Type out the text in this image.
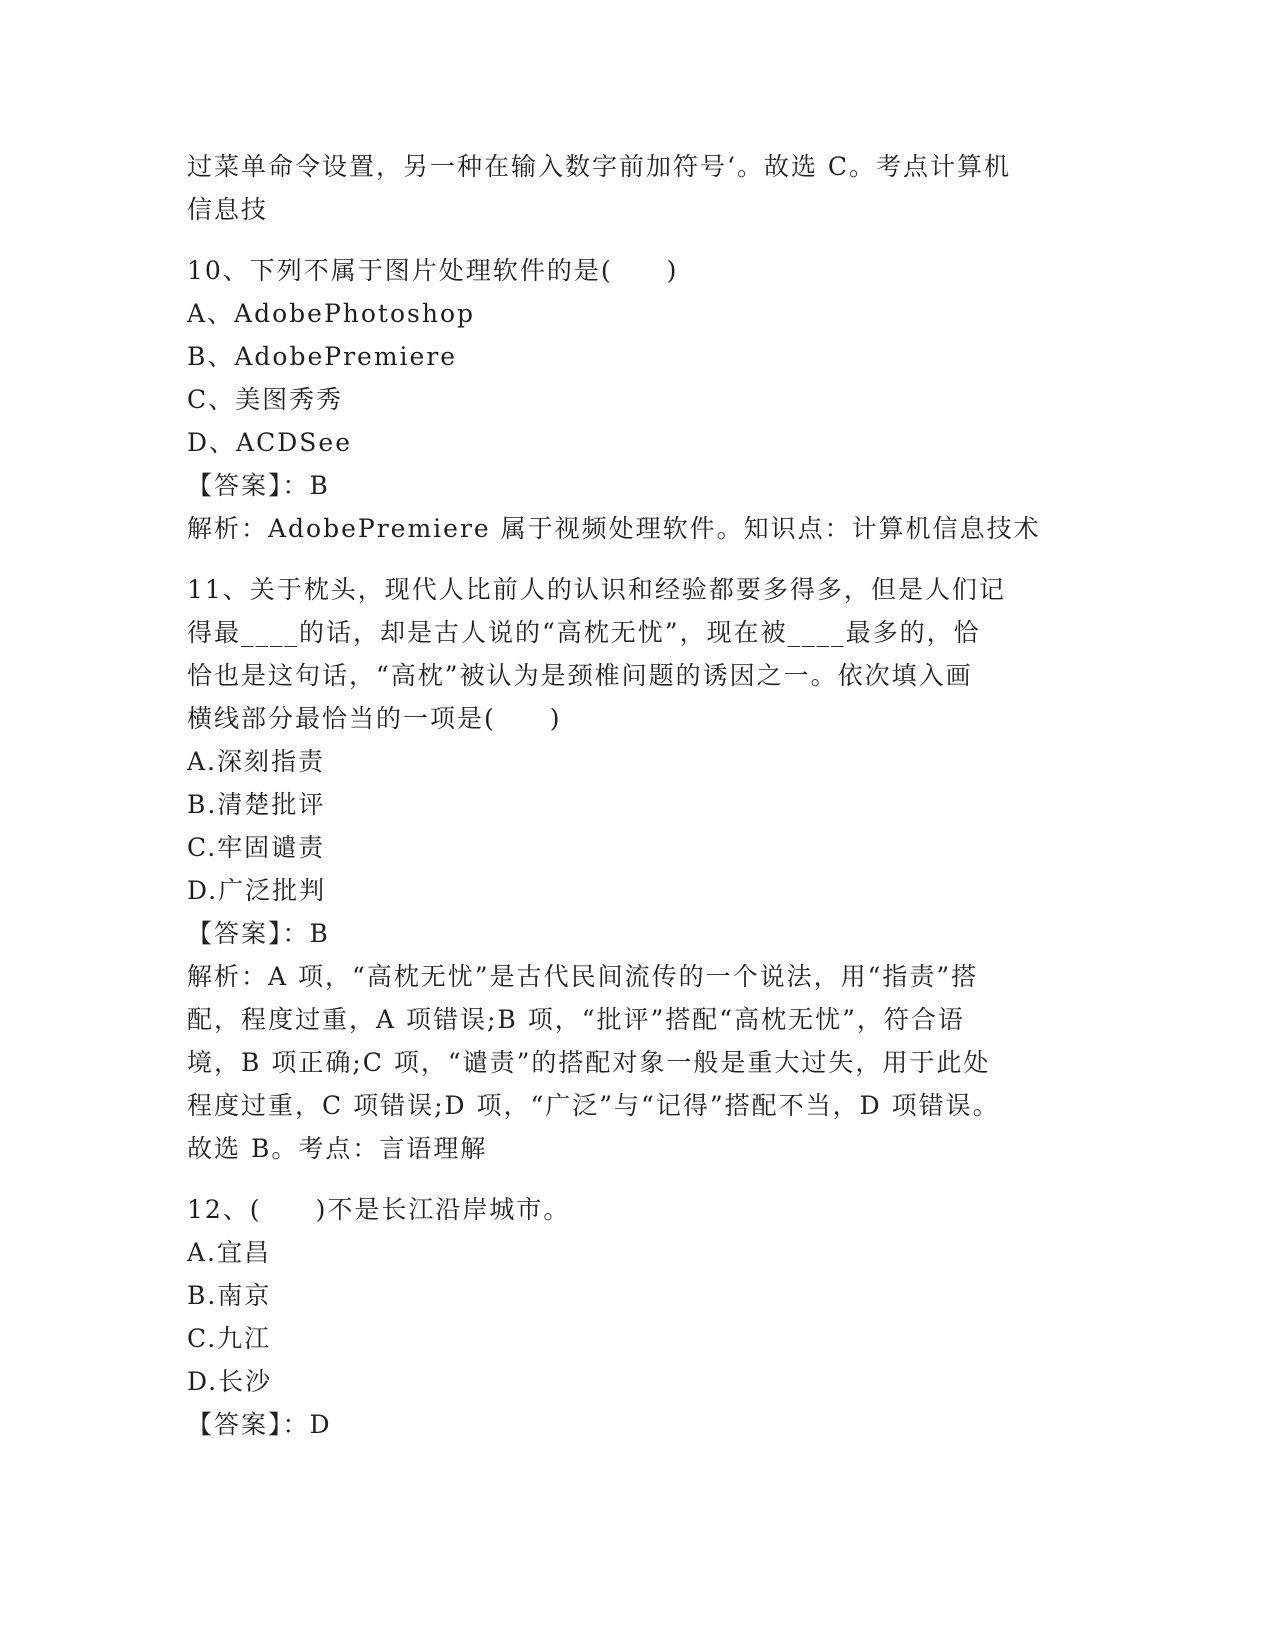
过菜单命令设置，另一种在输入数字前加符号‘。故选 C。考点计算机
信息技
10、下列不属于图片处理软件的是(　　)
A、AdobePhotoshop
B、AdobePremiere
C、美图秀秀
D、ACDSee
【答案】：B
解析：AdobePremiere 属于视频处理软件。知识点：计算机信息技术
11、关于枕头，现代人比前人的认识和经验都要多得多，但是人们记
得最____的话，却是古人说的“高枕无忧”，现在被____最多的，恰
恰也是这句话，“高枕”被认为是颈椎问题的诱因之一。依次填入画
横线部分最恰当的一项是(　　)
A.深刻指责
B.清楚批评
C.牢固谴责
D.广泛批判
【答案】：B
解析：A 项，“高枕无忧”是古代民间流传的一个说法，用“指责”搭
配，程度过重，A 项错误;B 项，“批评”搭配“高枕无忧”，符合语
境，B 项正确;C 项，“谴责”的搭配对象一般是重大过失，用于此处
程度过重，C 项错误;D 项，“广泛”与“记得”搭配不当，D 项错误。
故选 B。考点：言语理解
12、(　　)不是长江沿岸城市。
A.宜昌
B.南京
C.九江
D.长沙
【答案】：D
